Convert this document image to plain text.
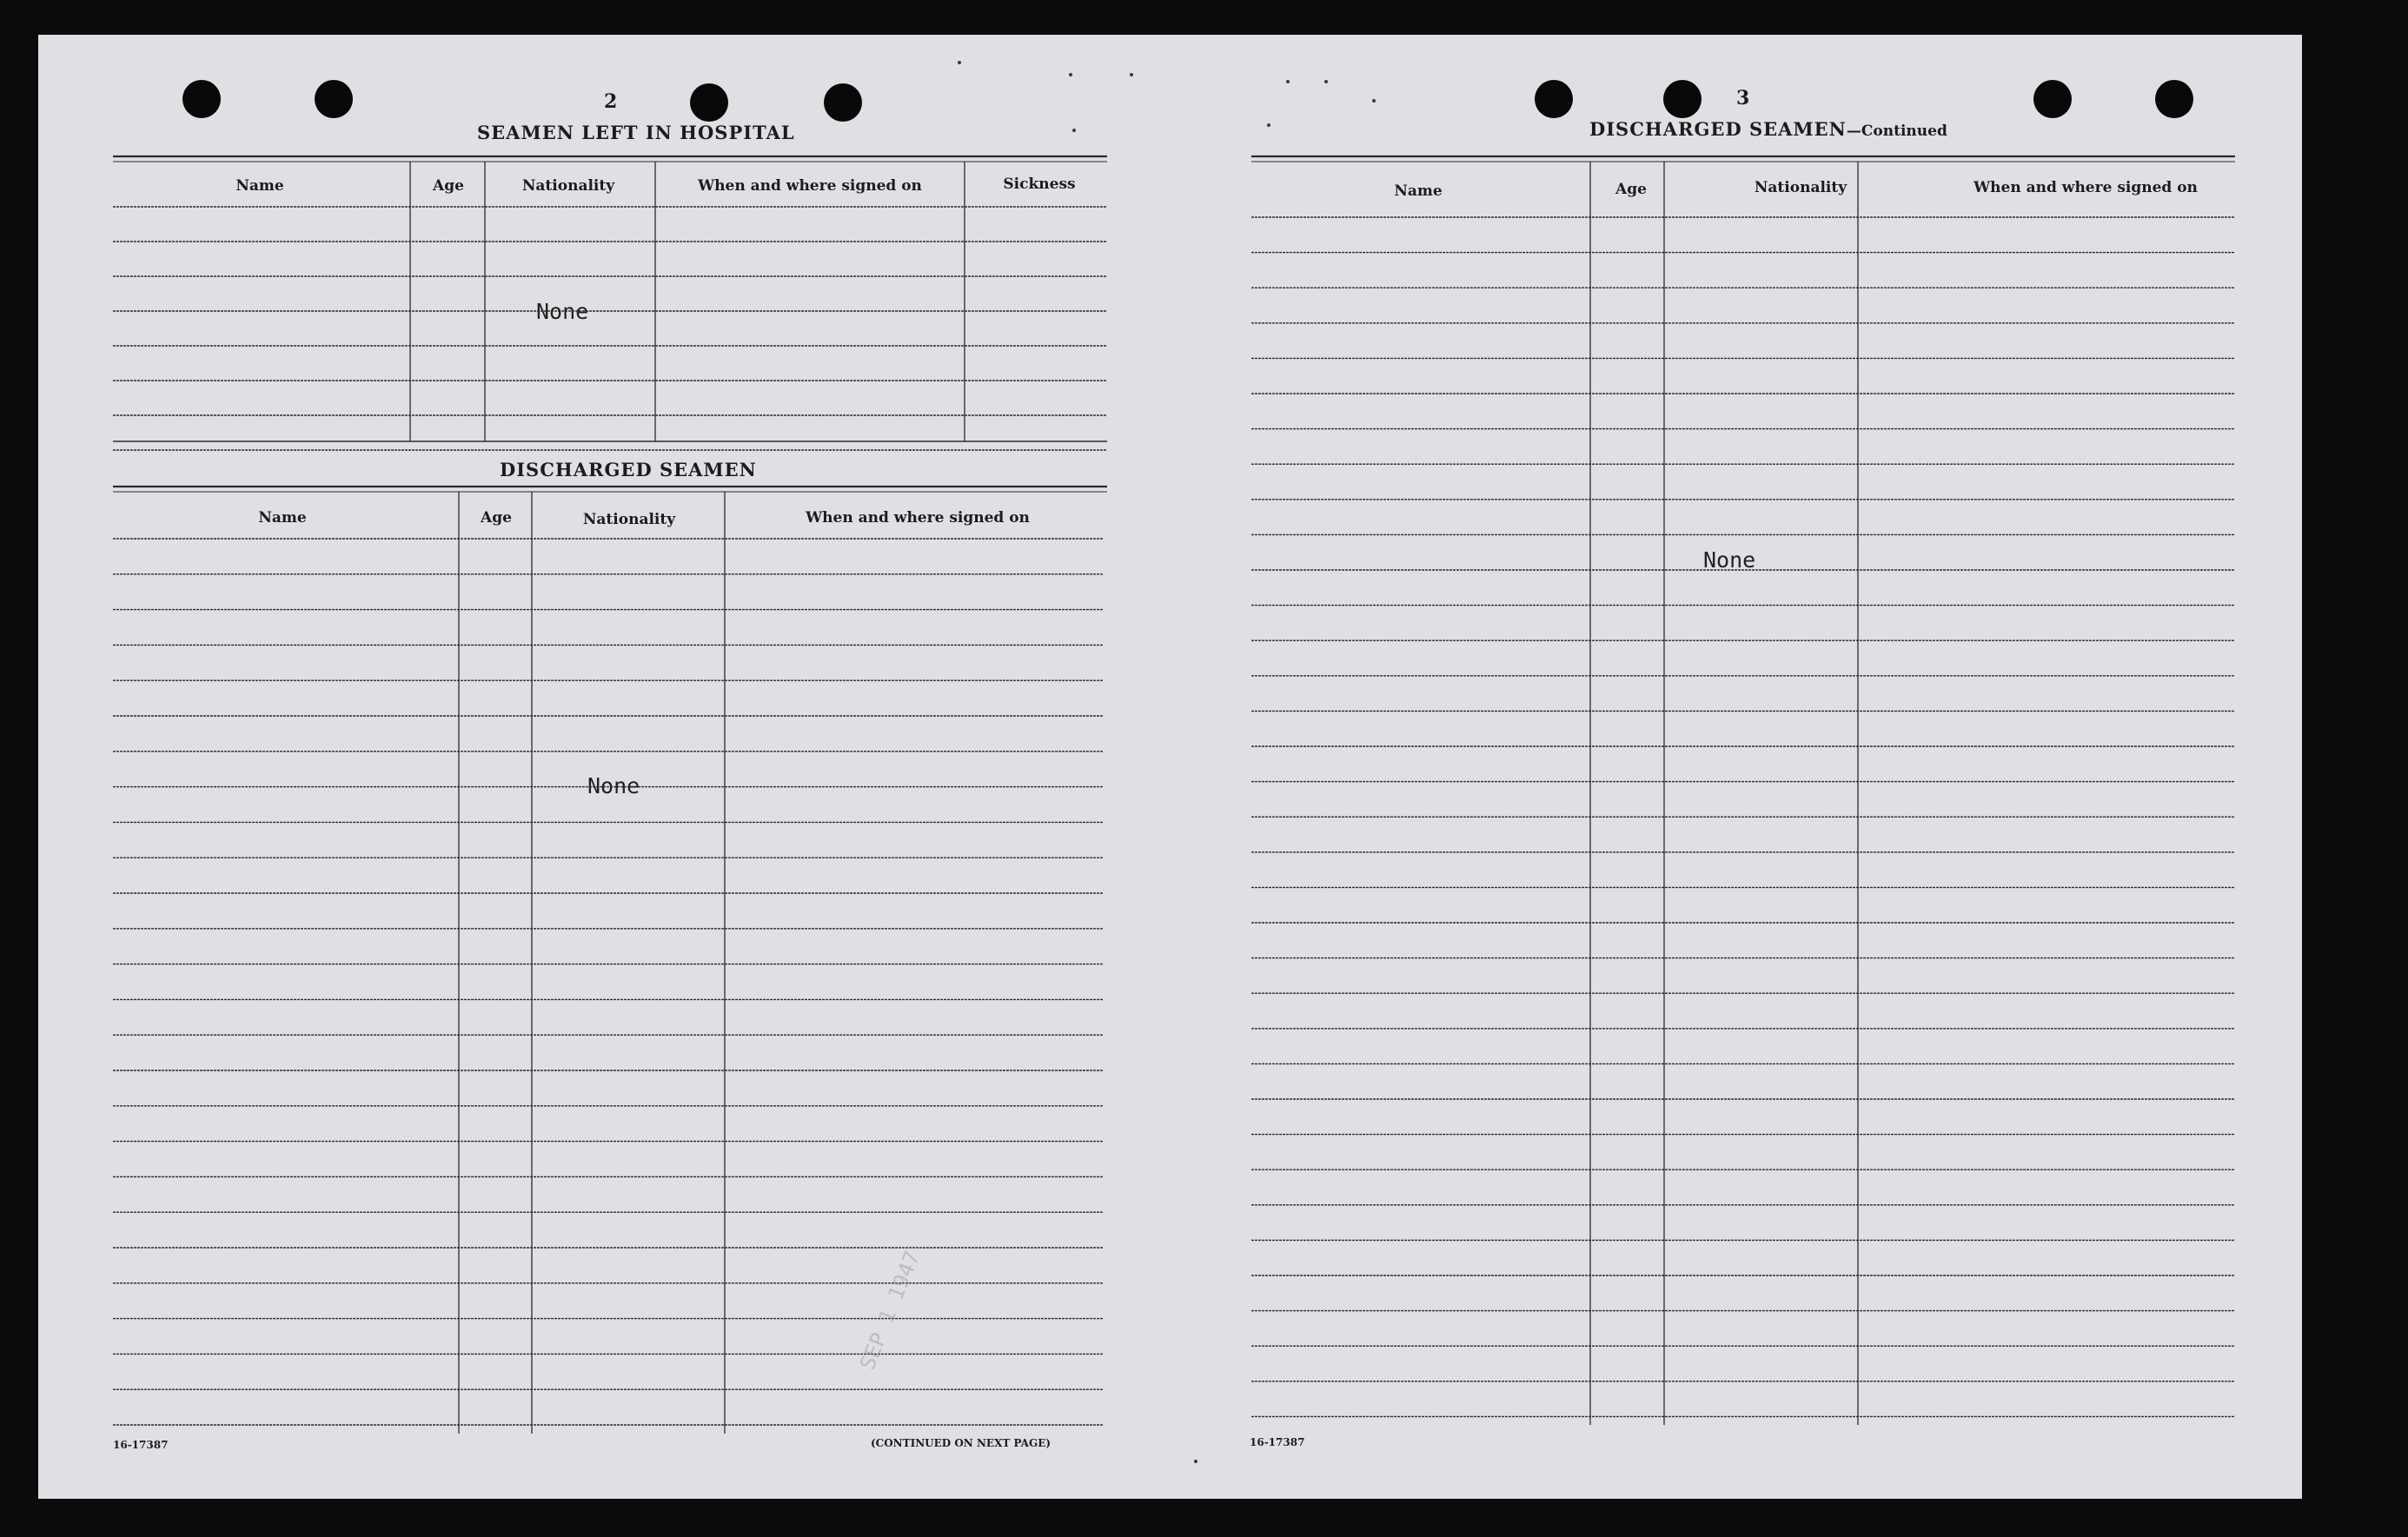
2
SEAMEN LEFT IN HOSPITAL
Name	Age	Nationality	When and where signed on	Sickness
None
DISCHARGED SEAMEN
Name	Age	Nationality	When and where signed on
None
SEP 1 1947
16-17387	(CONTINUED ON NEXT PAGE)
3
DISCHARGED SEAMEN—Continued
Name	Age	Nationality	When and where signed on
None
16-17387
